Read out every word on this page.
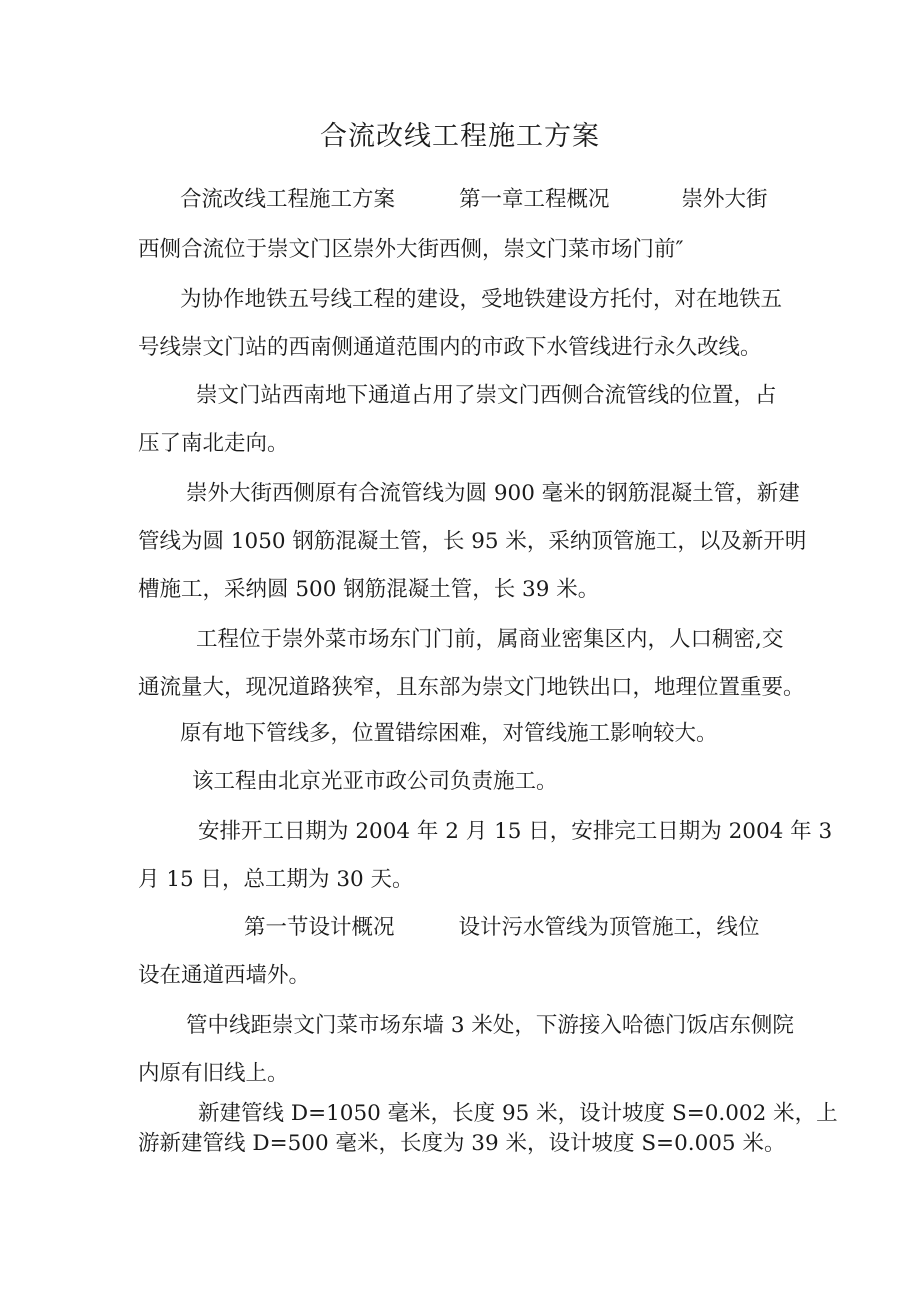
合流改线工程施工方案

合流改线工程施工方案	第一章工程概况	崇外大街

西侧合流位于崇文门区崇外大街西侧，崇文门菜市场门前″

为协作地铁五号线工程的建设，受地铁建设方托付，对在地铁五

号线崇文门站的西南侧通道范围内的市政下水管线进行永久改线。

崇文门站西南地下通道占用了崇文门西侧合流管线的位置，占

压了南北走向。

崇外大街西侧原有合流管线为圆 900 毫米的钢筋混凝土管，新建

管线为圆 1050 钢筋混凝土管，长 95 米，采纳顶管施工，以及新开明

槽施工，采纳圆 500 钢筋混凝土管，长 39 米。

工程位于崇外菜市场东门门前，属商业密集区内，人口稠密,交

通流量大，现况道路狭窄，且东部为崇文门地铁出口，地理位置重要。

原有地下管线多，位置错综困难，对管线施工影响较大。

该工程由北京光亚市政公司负责施工。

安排开工日期为 2004 年 2 月 15 日，安排完工日期为 2004 年 3

月 15 日，总工期为 30 天。

第一节设计概况	设计污水管线为顶管施工，线位

设在通道西墙外。

管中线距崇文门菜市场东墙 3 米处，下游接入哈德门饭店东侧院

内原有旧线上。

新建管线 D=1050 毫米，长度 95 米，设计坡度 S=0.002 米，上

游新建管线 D=500 毫米，长度为 39 米，设计坡度 S=0.005 米。
